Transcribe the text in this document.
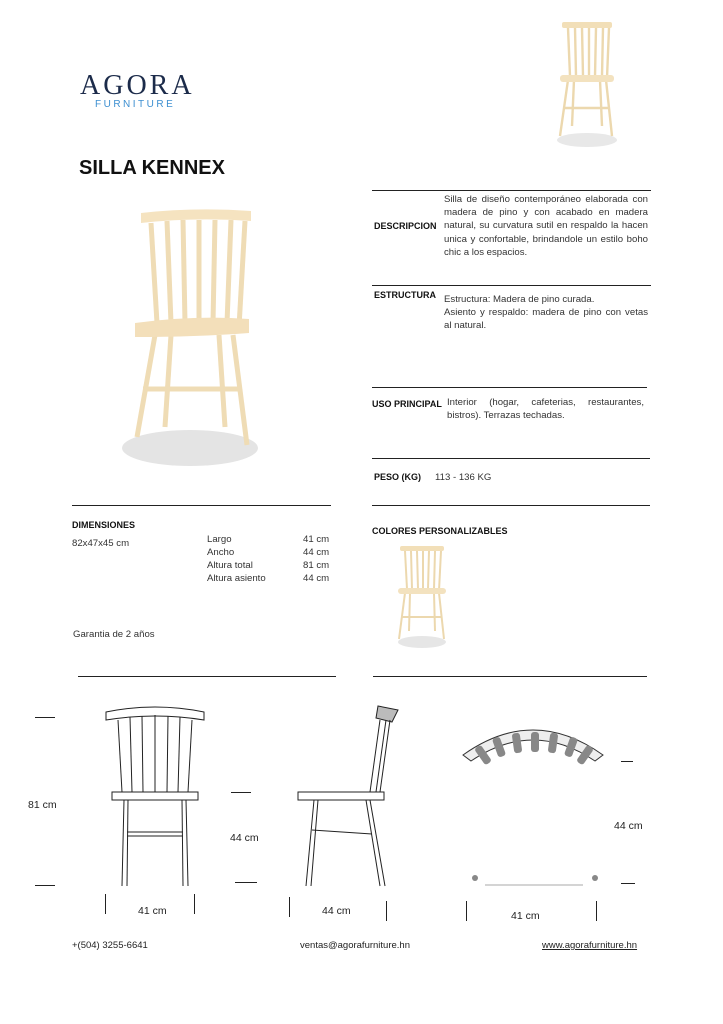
AGORA
FURNITURE
SILLA KENNEX
DESCRIPCION
Silla de diseño contemporáneo elaborada con madera de pino y con acabado en madera natural, su curvatura sutil en respaldo la hacen unica y confortable, brindandole un estilo boho chic a los espacios.
ESTRUCTURA Estructura: Madera de pino curada.
Asiento y respaldo: madera de pino con vetas al natural.
USO PRINCIPAL Interior (hogar, cafeterias, restaurantes, bistros). Terrazas techadas.
PESO (KG) 113 - 136 KG
DIMENSIONES
82x47x45 cm	Largo	41 cm
Ancho	44 cm
Altura total	81 cm
Altura asiento	44 cm
Garantia de 2 años
COLORES PERSONALIZABLES
81 cm
44 cm
44 cm
41 cm	44 cm	41 cm
+(504) 3255-6641	ventas@agorafurniture.hn	www.agorafurniture.hn
